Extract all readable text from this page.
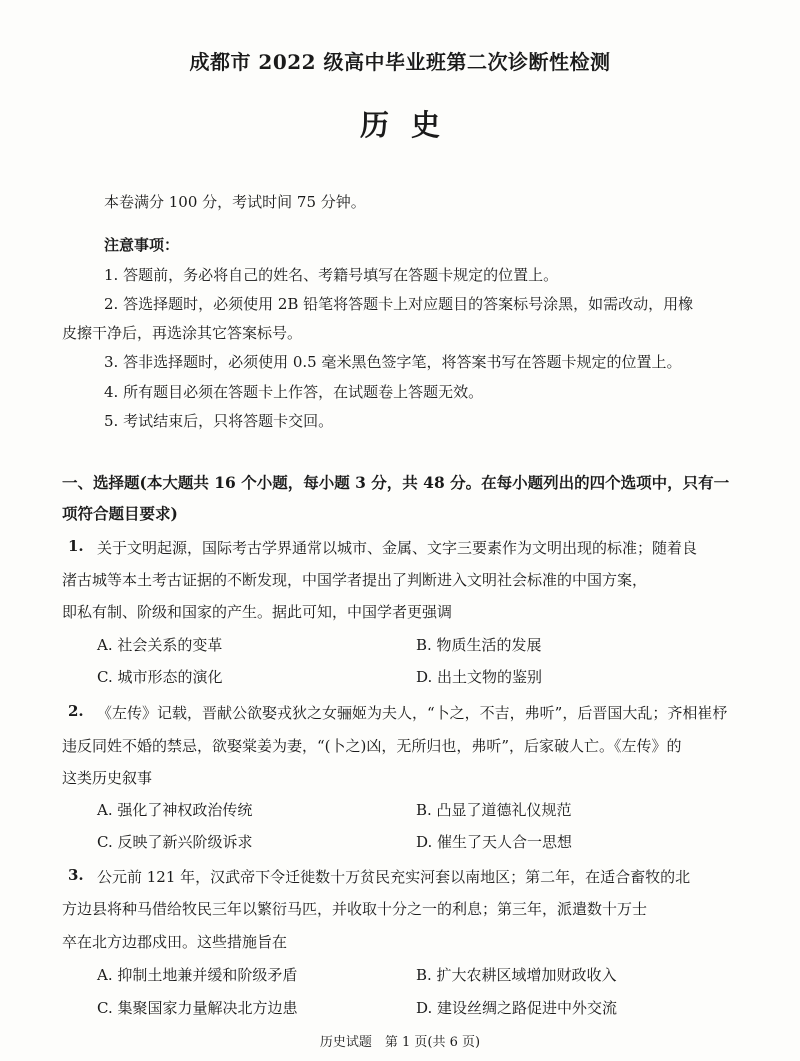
成都市 2022 级高中毕业班第二次诊断性检测
历史
本卷满分 100 分，考试时间 75 分钟。
注意事项：
1. 答题前，务必将自己的姓名、考籍号填写在答题卡规定的位置上。
2. 答选择题时，必须使用 2B 铅笔将答题卡上对应题目的答案标号涂黑，如需改动，用橡
皮擦干净后，再选涂其它答案标号。
3. 答非选择题时，必须使用 0.5 毫米黑色签字笔，将答案书写在答题卡规定的位置上。
4. 所有题目必须在答题卡上作答，在试题卷上答题无效。
5. 考试结束后，只将答题卡交回。
一、选择题(本大题共 16 个小题，每小题 3 分，共 48 分。在每小题列出的四个选项中，只有一
项符合题目要求)
1. 关于文明起源，国际考古学界通常以城市、金属、文字三要素作为文明出现的标准；随着良
渚古城等本土考古证据的不断发现，中国学者提出了判断进入文明社会标准的中国方案，
即私有制、阶级和国家的产生。据此可知，中国学者更强调
A. 社会关系的变革	B. 物质生活的发展
C. 城市形态的演化	D. 出土文物的鉴别
2. 《左传》记载，晋献公欲娶戎狄之女骊姬为夫人，“卜之，不吉，弗听”，后晋国大乱；齐相崔杼
违反同姓不婚的禁忌，欲娶棠姜为妻，“(卜之)凶，无所归也，弗听”，后家破人亡。《左传》的
这类历史叙事
A. 强化了神权政治传统	B. 凸显了道德礼仪规范
C. 反映了新兴阶级诉求	D. 催生了天人合一思想
3. 公元前 121 年，汉武帝下令迁徙数十万贫民充实河套以南地区；第二年，在适合畜牧的北
方边县将种马借给牧民三年以繁衍马匹，并收取十分之一的利息；第三年，派遣数十万士
卒在北方边郡戍田。这些措施旨在
A. 抑制土地兼并缓和阶级矛盾	B. 扩大农耕区域增加财政收入
C. 集聚国家力量解决北方边患	D. 建设丝绸之路促进中外交流
历史试题　第 1 页(共 6 页)
